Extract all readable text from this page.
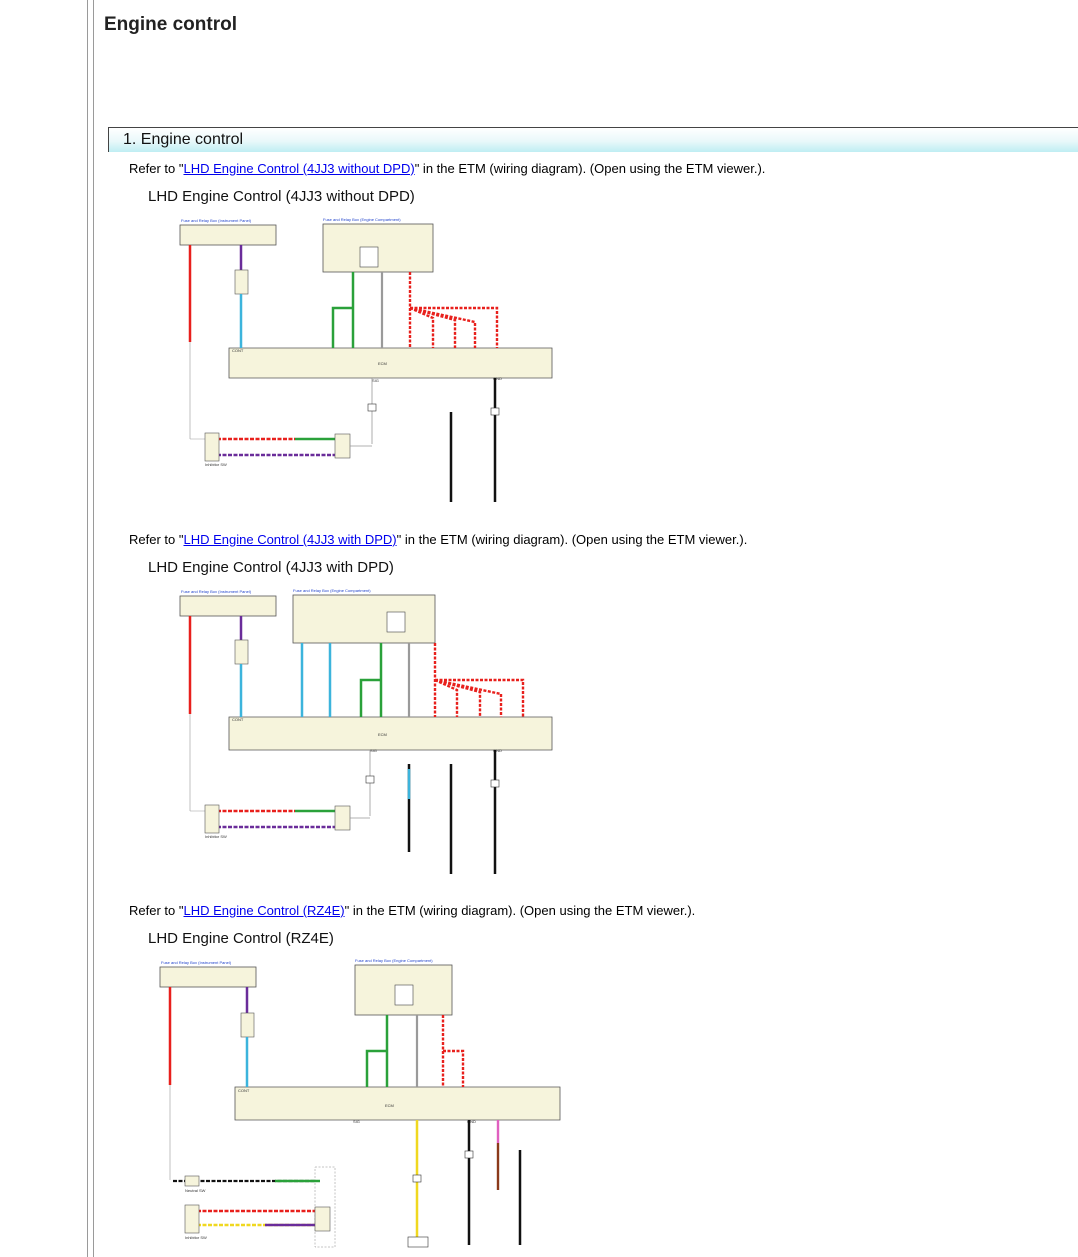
Engine control
1. Engine control
Refer to "LHD Engine Control (4JJ3 without DPD)" in the ETM (wiring diagram). (Open using the ETM viewer.).
LHD Engine Control (4JJ3 without DPD)
Fuse and Relay Box (Instrument Panel)	Fuse and Relay Box (Engine Compartment)
ECM
CONT
SIG	GND
Inhibitor SW
Refer to "LHD Engine Control (4JJ3 with DPD)" in the ETM (wiring diagram). (Open using the ETM viewer.).
LHD Engine Control (4JJ3 with DPD)
Fuse and Relay Box (Instrument Panel)	Fuse and Relay Box (Engine Compartment)
ECM
CONT
SIG	GND
Inhibitor SW
Refer to "LHD Engine Control (RZ4E)" in the ETM (wiring diagram). (Open using the ETM viewer.).
LHD Engine Control (RZ4E)
Fuse and Relay Box (Instrument Panel)	Fuse and Relay Box (Engine Compartment)
ECM
CONT
SIG	GND
Neutral SW
Inhibitor SW
